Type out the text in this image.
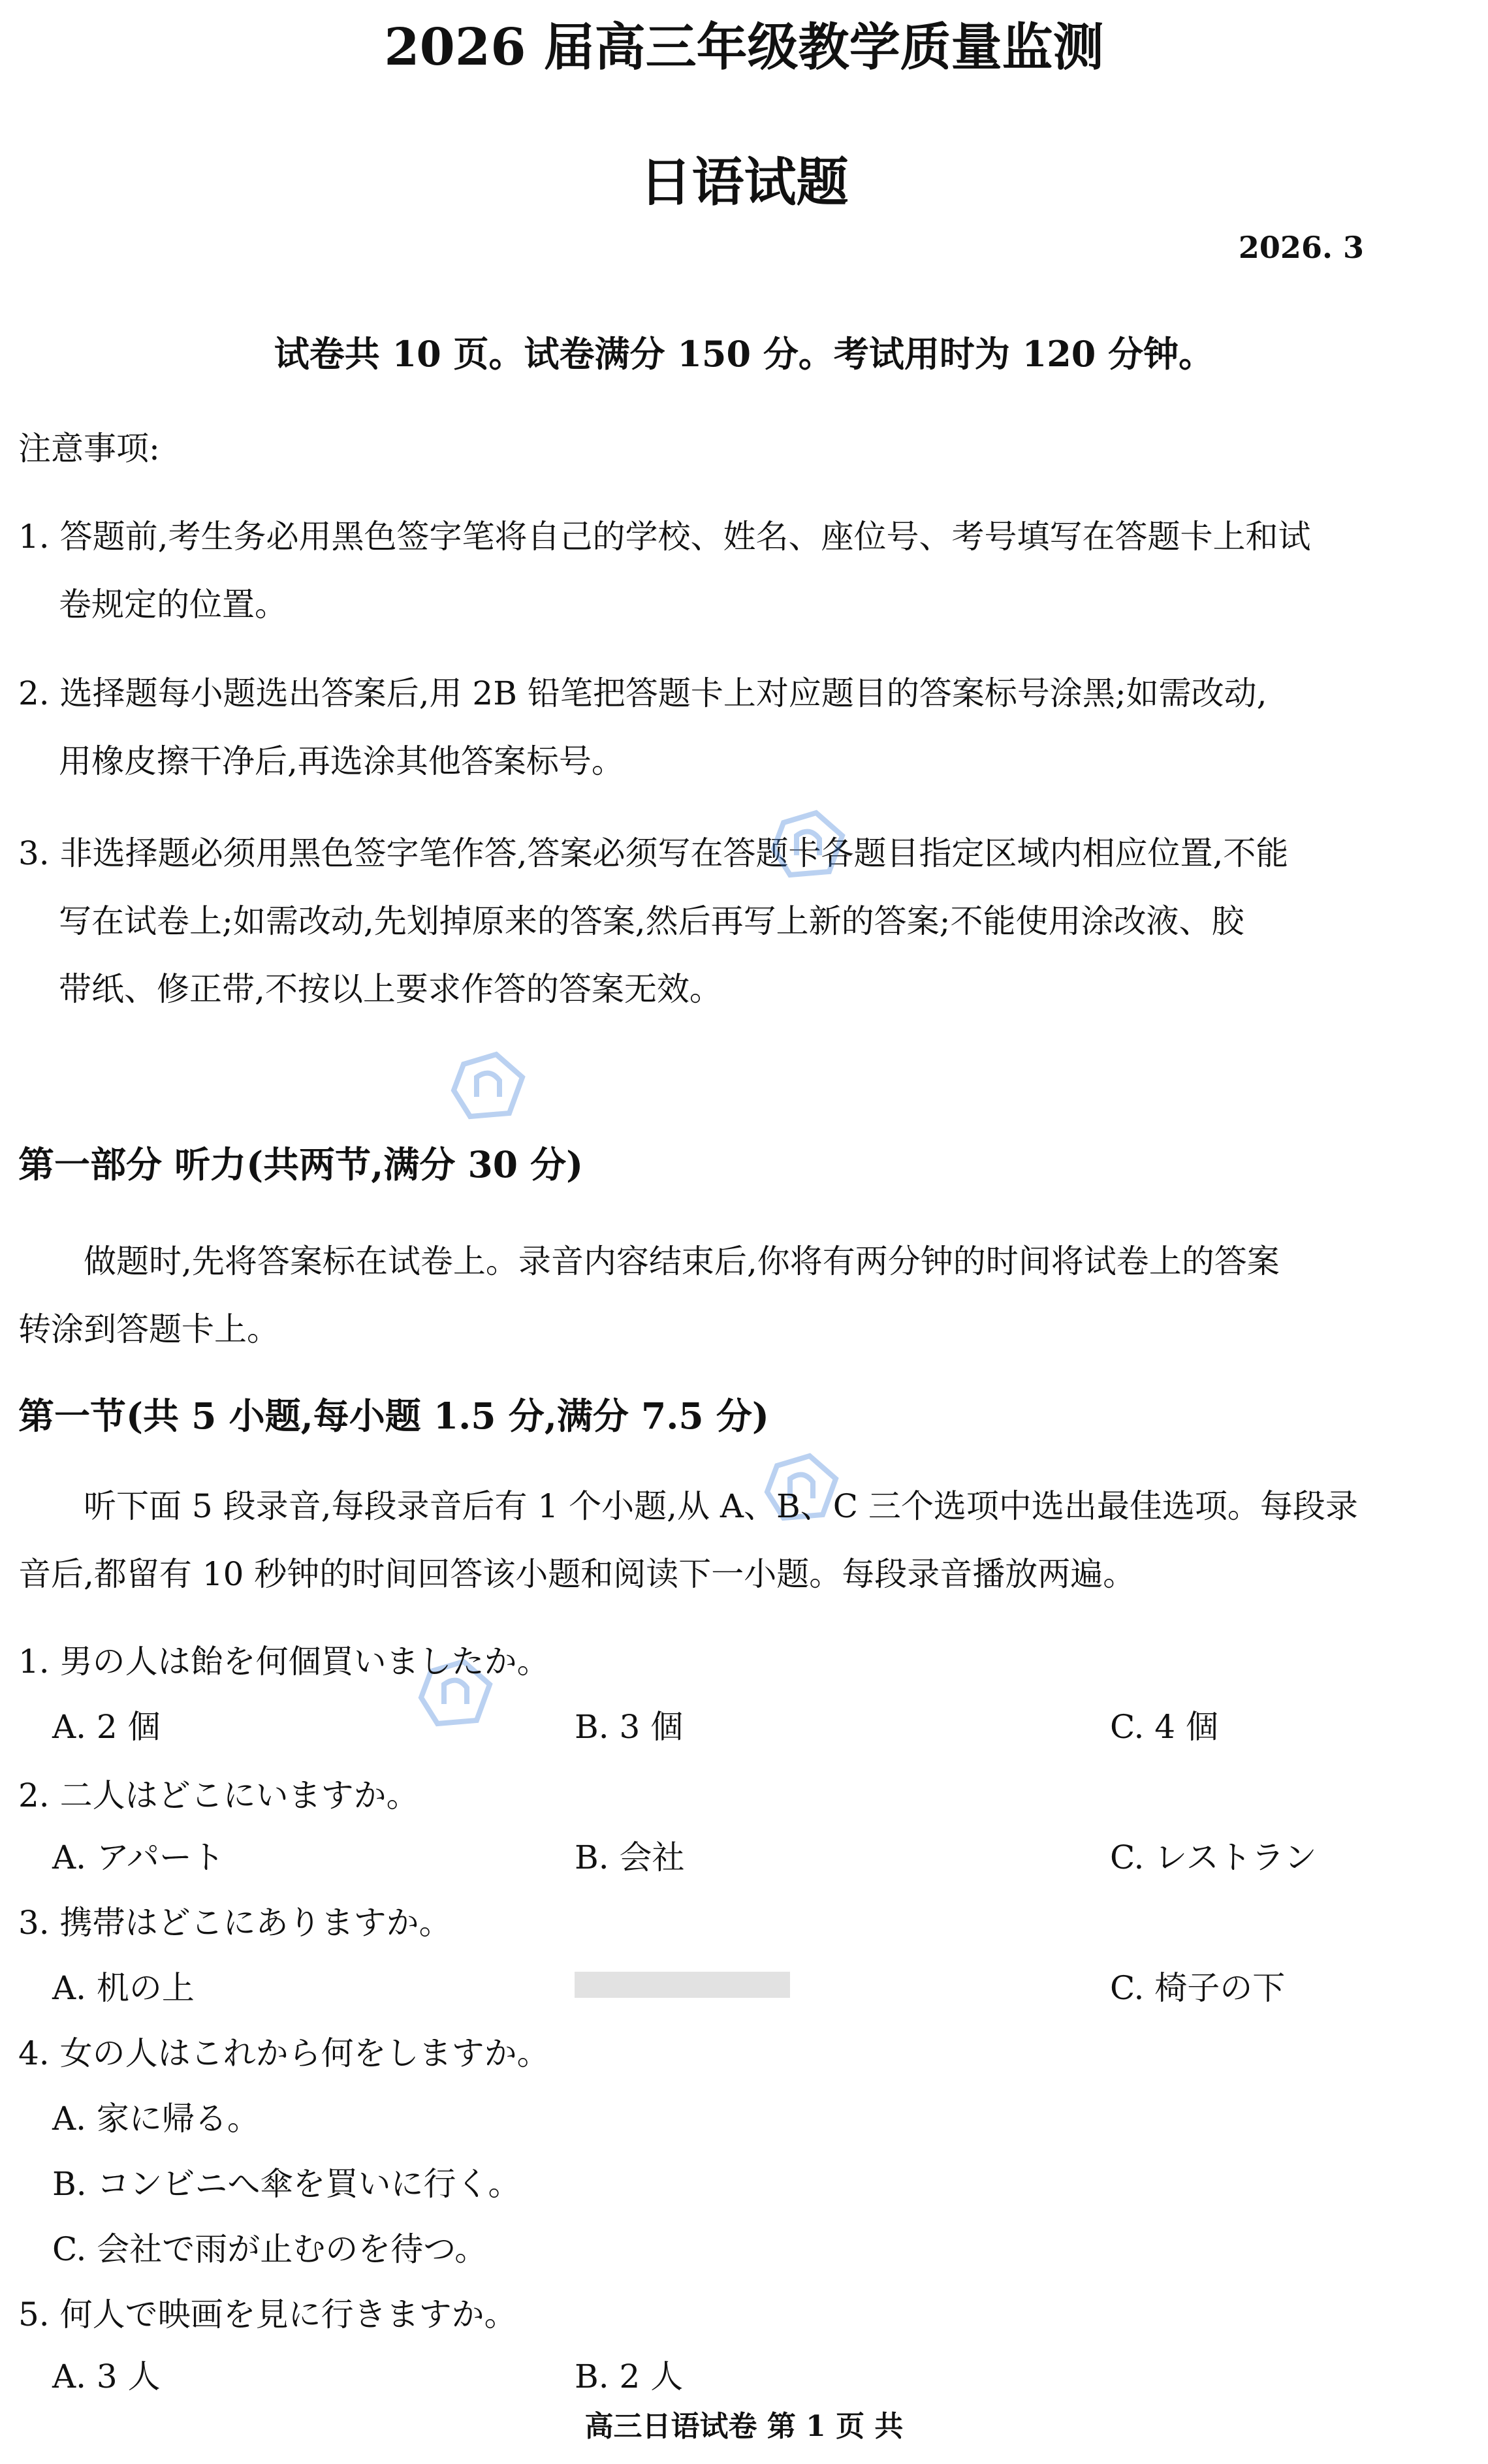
2026 届高三年级教学质量监测
日语试题
2026. 3
试卷共 10 页。试卷满分 150 分。考试用时为 120 分钟。
注意事项:
1. 答题前,考生务必用黑色签字笔将自己的学校、姓名、座位号、考号填写在答题卡上和试
卷规定的位置。
2. 选择题每小题选出答案后,用 2B 铅笔把答题卡上对应题目的答案标号涂黑;如需改动,
用橡皮擦干净后,再选涂其他答案标号。
3. 非选择题必须用黑色签字笔作答,答案必须写在答题卡各题目指定区域内相应位置,不能
写在试卷上;如需改动,先划掉原来的答案,然后再写上新的答案;不能使用涂改液、胶
带纸、修正带,不按以上要求作答的答案无效。
第一部分 听力(共两节,满分 30 分)
做题时,先将答案标在试卷上。录音内容结束后,你将有两分钟的时间将试卷上的答案
转涂到答题卡上。
第一节(共 5 小题,每小题 1.5 分,满分 7.5 分)
听下面 5 段录音,每段录音后有 1 个小题,从 A、B、C 三个选项中选出最佳选项。每段录
音后,都留有 10 秒钟的时间回答该小题和阅读下一小题。每段录音播放两遍。
1. 男の人は飴を何個買いましたか。
A. 2 個	B. 3 個	C. 4 個
2. 二人はどこにいますか。
A. アパート	B. 会社	C. レストラン
3. 携帯はどこにありますか。
A. 机の上	C. 椅子の下
4. 女の人はこれから何をしますか。
A. 家に帰る。
B. コンビニへ傘を買いに行く。
C. 会社で雨が止むのを待つ。
5. 何人で映画を見に行きますか。
A. 3 人	B. 2 人
高三日语试卷 第 1 页 共
